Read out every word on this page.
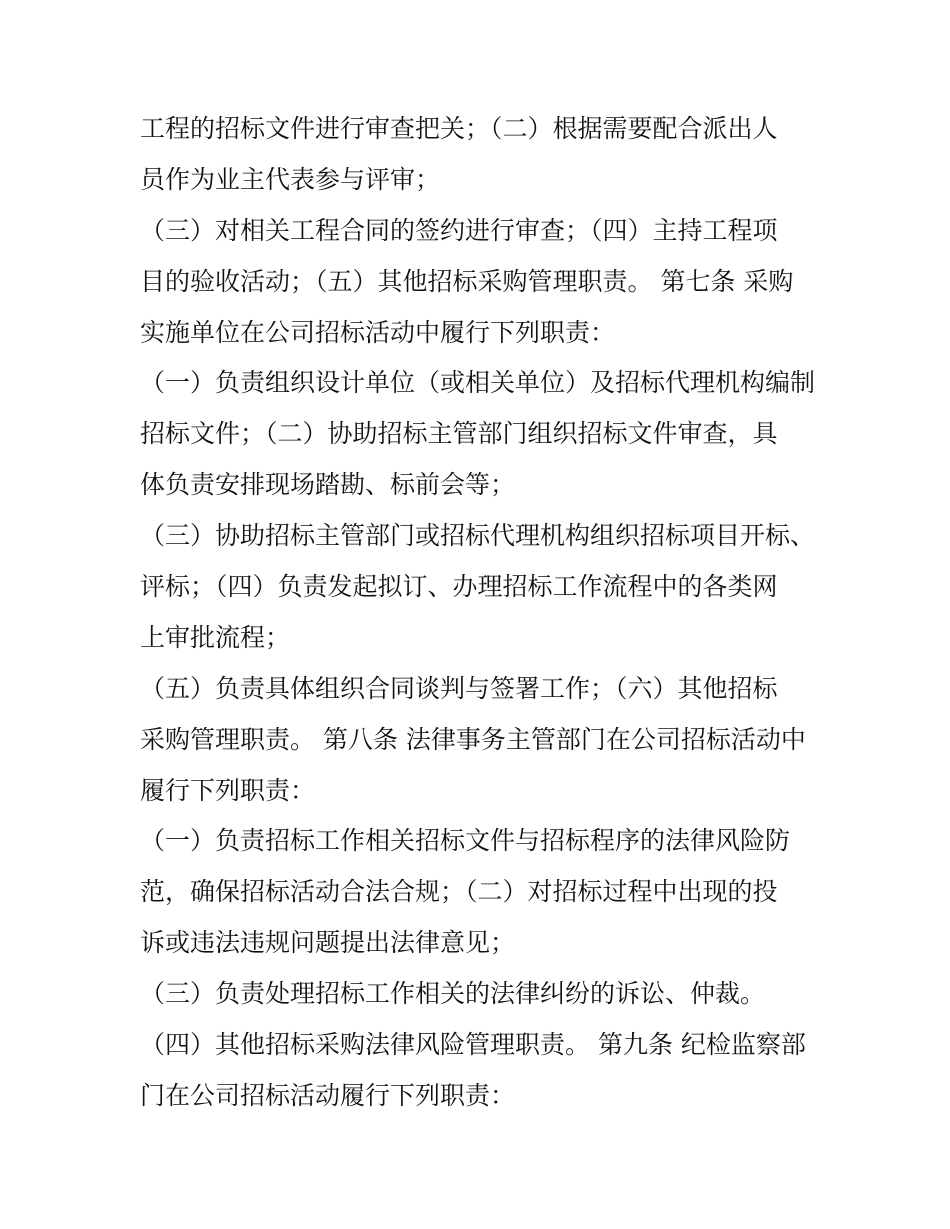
工程的招标文件进行审查把关；（二）根据需要配合派出人
员作为业主代表参与评审；
（三）对相关工程合同的签约进行审查；（四）主持工程项
目的验收活动；（五）其他招标采购管理职责。 第七条 采购
实施单位在公司招标活动中履行下列职责：
（一）负责组织设计单位（或相关单位）及招标代理机构编制
招标文件；（二）协助招标主管部门组织招标文件审查，具
体负责安排现场踏勘、标前会等；
（三）协助招标主管部门或招标代理机构组织招标项目开标、
评标；（四）负责发起拟订、办理招标工作流程中的各类网
上审批流程；
（五）负责具体组织合同谈判与签署工作；（六）其他招标
采购管理职责。 第八条 法律事务主管部门在公司招标活动中
履行下列职责：
（一）负责招标工作相关招标文件与招标程序的法律风险防
范，确保招标活动合法合规；（二）对招标过程中出现的投
诉或违法违规问题提出法律意见；
（三）负责处理招标工作相关的法律纠纷的诉讼、仲裁。
（四）其他招标采购法律风险管理职责。 第九条 纪检监察部
门在公司招标活动履行下列职责：
